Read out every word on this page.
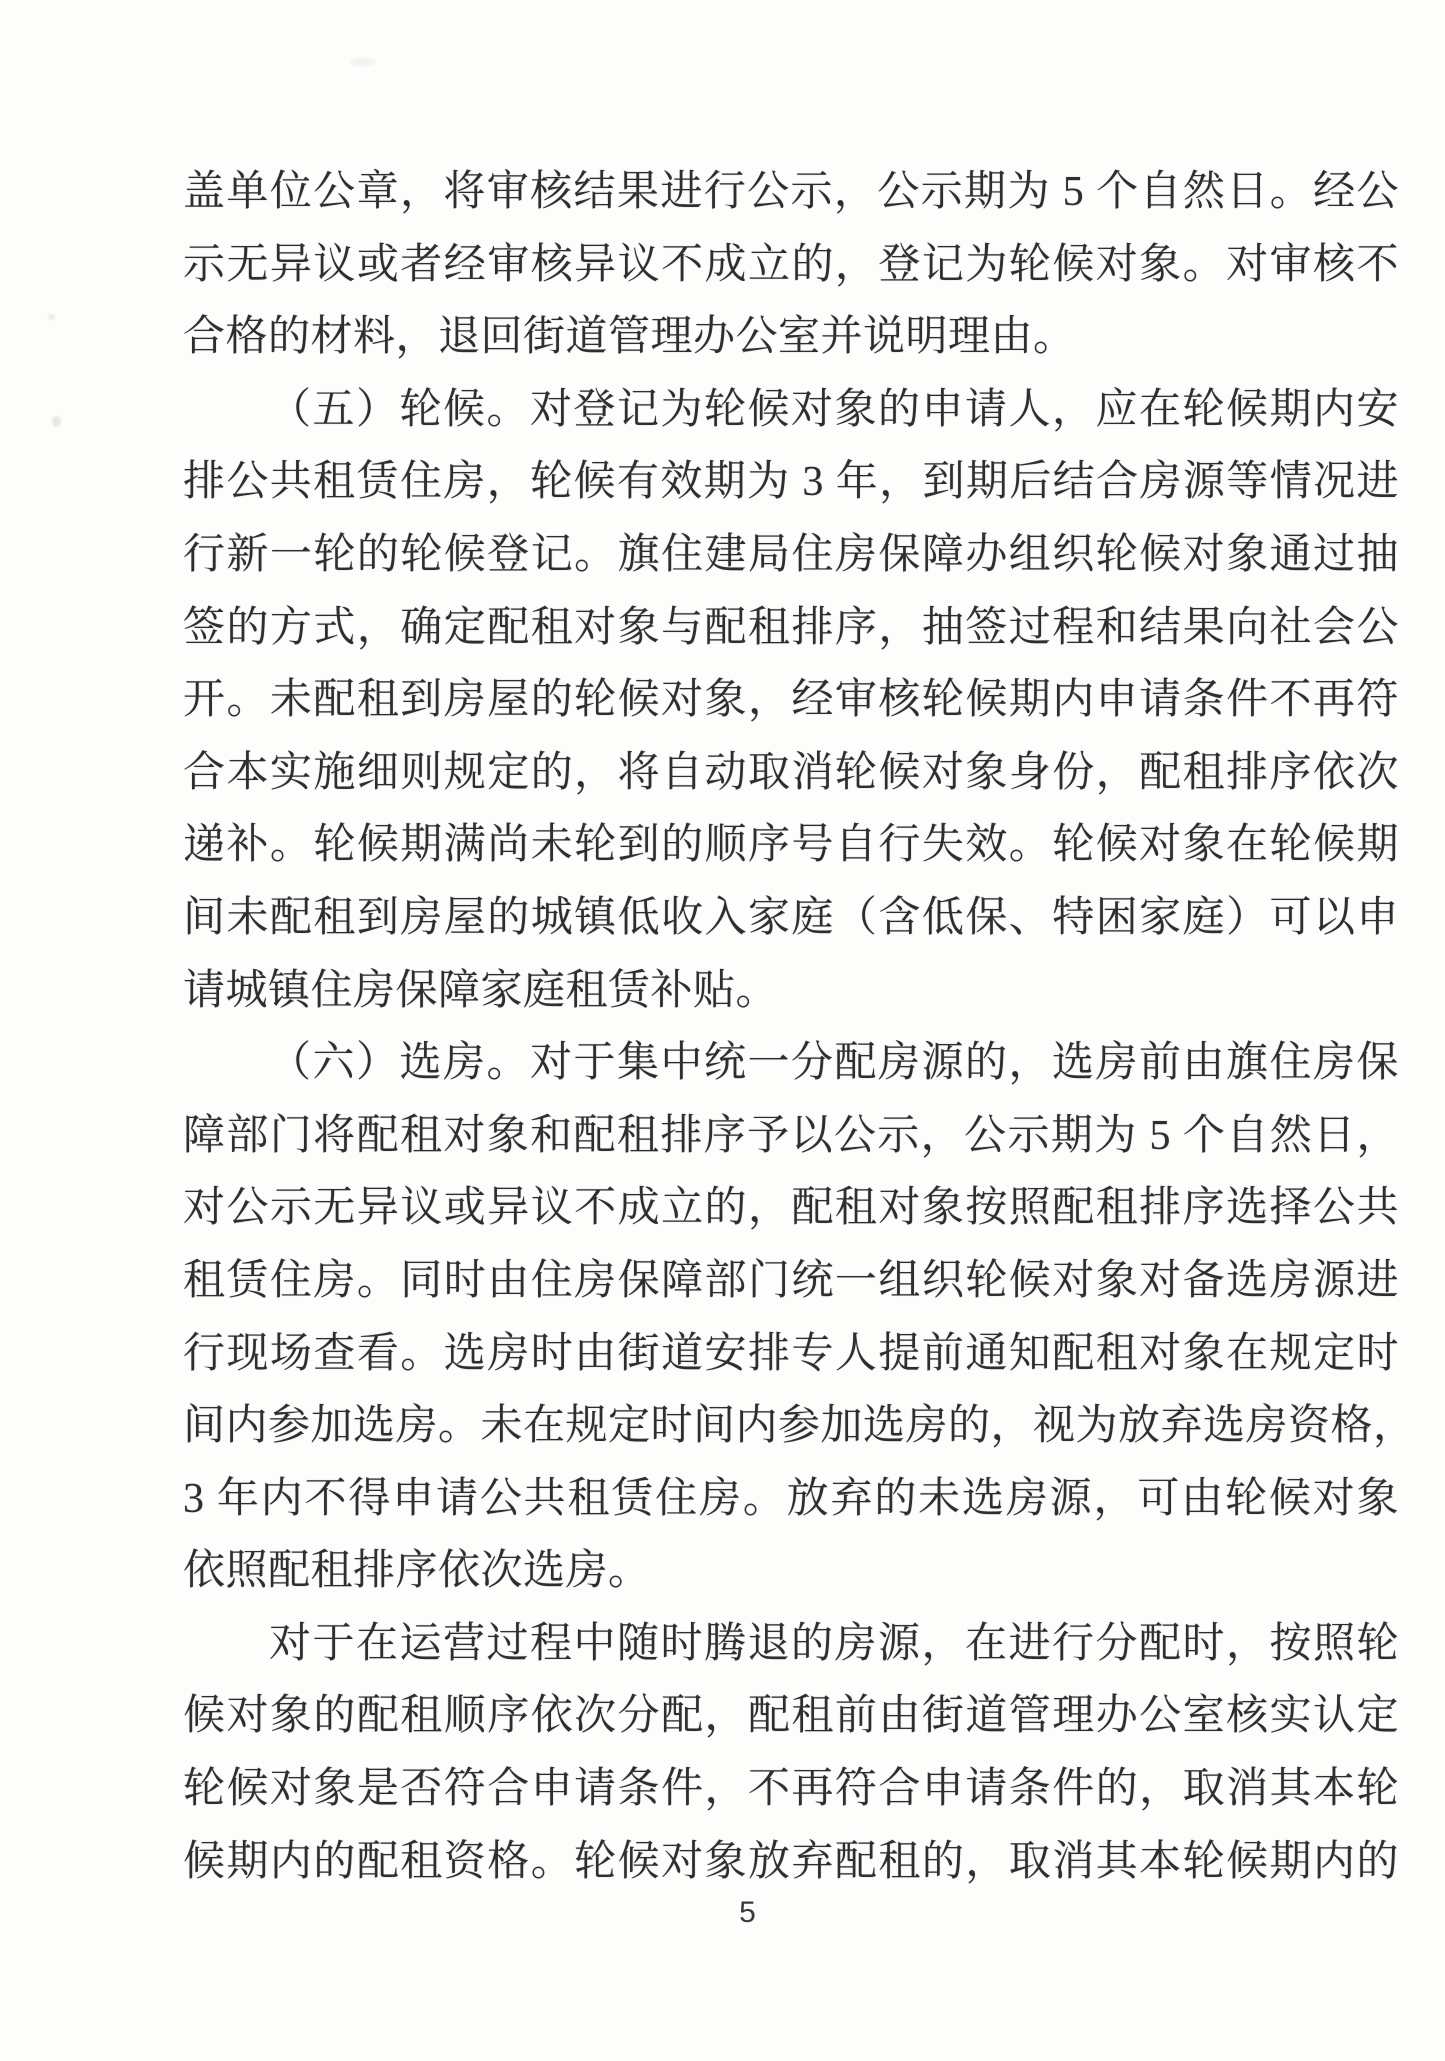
盖单位公章，将审核结果进行公示，公示期为 5 个自然日。经公
示无异议或者经审核异议不成立的，登记为轮候对象。对审核不
合格的材料，退回街道管理办公室并说明理由。
（五）轮候。对登记为轮候对象的申请人，应在轮候期内安
排公共租赁住房，轮候有效期为 3 年，到期后结合房源等情况进
行新一轮的轮候登记。旗住建局住房保障办组织轮候对象通过抽
签的方式，确定配租对象与配租排序，抽签过程和结果向社会公
开。未配租到房屋的轮候对象，经审核轮候期内申请条件不再符
合本实施细则规定的，将自动取消轮候对象身份，配租排序依次
递补。轮候期满尚未轮到的顺序号自行失效。轮候对象在轮候期
间未配租到房屋的城镇低收入家庭（含低保、特困家庭）可以申
请城镇住房保障家庭租赁补贴。
（六）选房。对于集中统一分配房源的，选房前由旗住房保
障部门将配租对象和配租排序予以公示，公示期为 5 个自然日，
对公示无异议或异议不成立的，配租对象按照配租排序选择公共
租赁住房。同时由住房保障部门统一组织轮候对象对备选房源进
行现场查看。选房时由街道安排专人提前通知配租对象在规定时
间内参加选房。未在规定时间内参加选房的，视为放弃选房资格，
3 年内不得申请公共租赁住房。放弃的未选房源，可由轮候对象
依照配租排序依次选房。
对于在运营过程中随时腾退的房源，在进行分配时，按照轮
候对象的配租顺序依次分配，配租前由街道管理办公室核实认定
轮候对象是否符合申请条件，不再符合申请条件的，取消其本轮
候期内的配租资格。轮候对象放弃配租的，取消其本轮候期内的
5
